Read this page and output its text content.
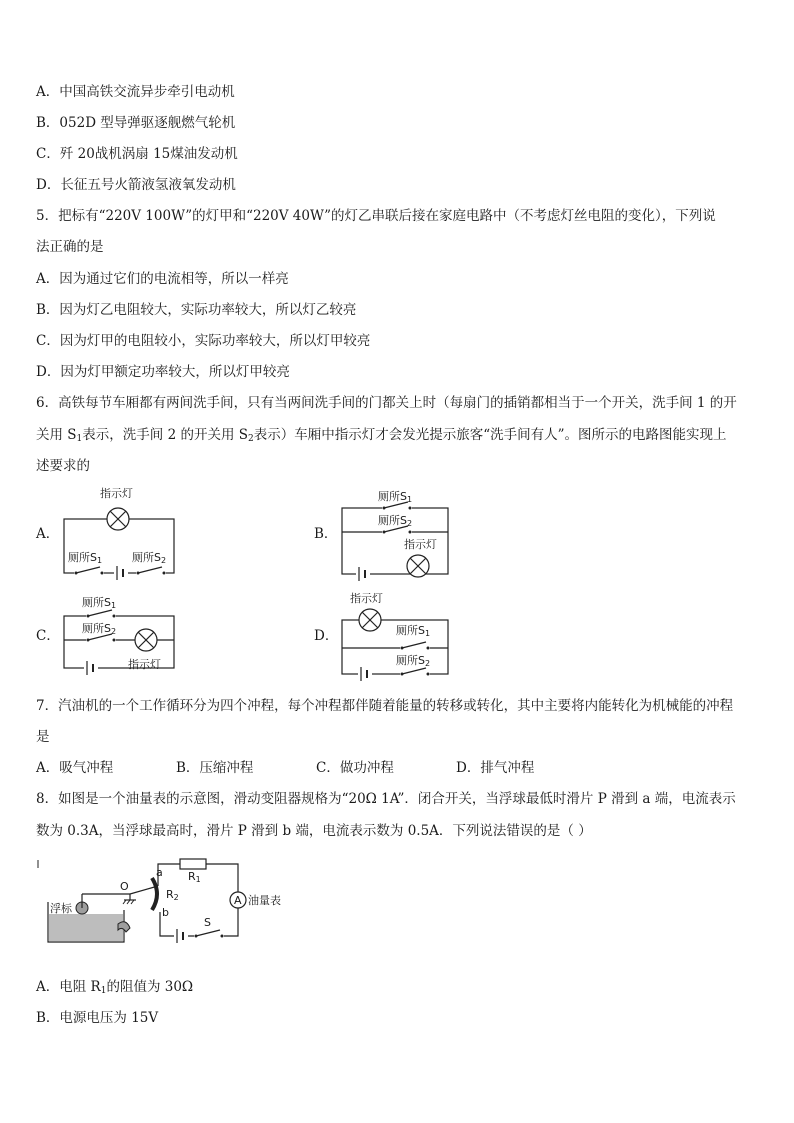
A．中国高铁交流异步牵引电动机
B．052D 型导弹驱逐舰燃气轮机
C．歼 20战机涡扇 15煤油发动机
D．长征五号火箭液氢液氧发动机
5．把标有“220V 100W”的灯甲和“220V 40W”的灯乙串联后接在家庭电路中（不考虑灯丝电阻的变化），下列说
法正确的是
A．因为通过它们的电流相等，所以一样亮
B．因为灯乙电阻较大，实际功率较大，所以灯乙较亮
C．因为灯甲的电阻较小，实际功率较大，所以灯甲较亮
D．因为灯甲额定功率较大，所以灯甲较亮
6．高铁每节车厢都有两间洗手间，只有当两间洗手间的门都关上时（每扇门的插销都相当于一个开关，洗手间 1 的开
关用 $S_1$表示，洗手间 2 的开关用 $S_2$表示）车厢中指示灯才会发光提示旅客“洗手间有人”。图所示的电路图能实现上
述要求的
A．
指示灯
厕所S1	厕所S2
B．
厕所S1
厕所S2
指示灯
C．
厕所S1
厕所S2
指示灯
D．
指示灯
厕所S1
厕所S2
7．汽油机的一个工作循环分为四个冲程，每个冲程都伴随着能量的转移或转化，其中主要将内能转化为机械能的冲程
是
A．吸气冲程	B．压缩冲程	C．做功冲程	D．排气冲程
8．如图是一个油量表的示意图，滑动变阻器规格为“20Ω 1A”．闭合开关，当浮球最低时滑片 P 滑到 a 端，电流表示
数为 0.3A，当浮球最高时，滑片 P 滑到 b 端，电流表示数为 0.5A．下列说法错误的是（ ）
浮标
O
a
b
R2
R1
A 油量表
S
A．电阻 $R_1$的阻值为 30Ω
B．电源电压为 15V
